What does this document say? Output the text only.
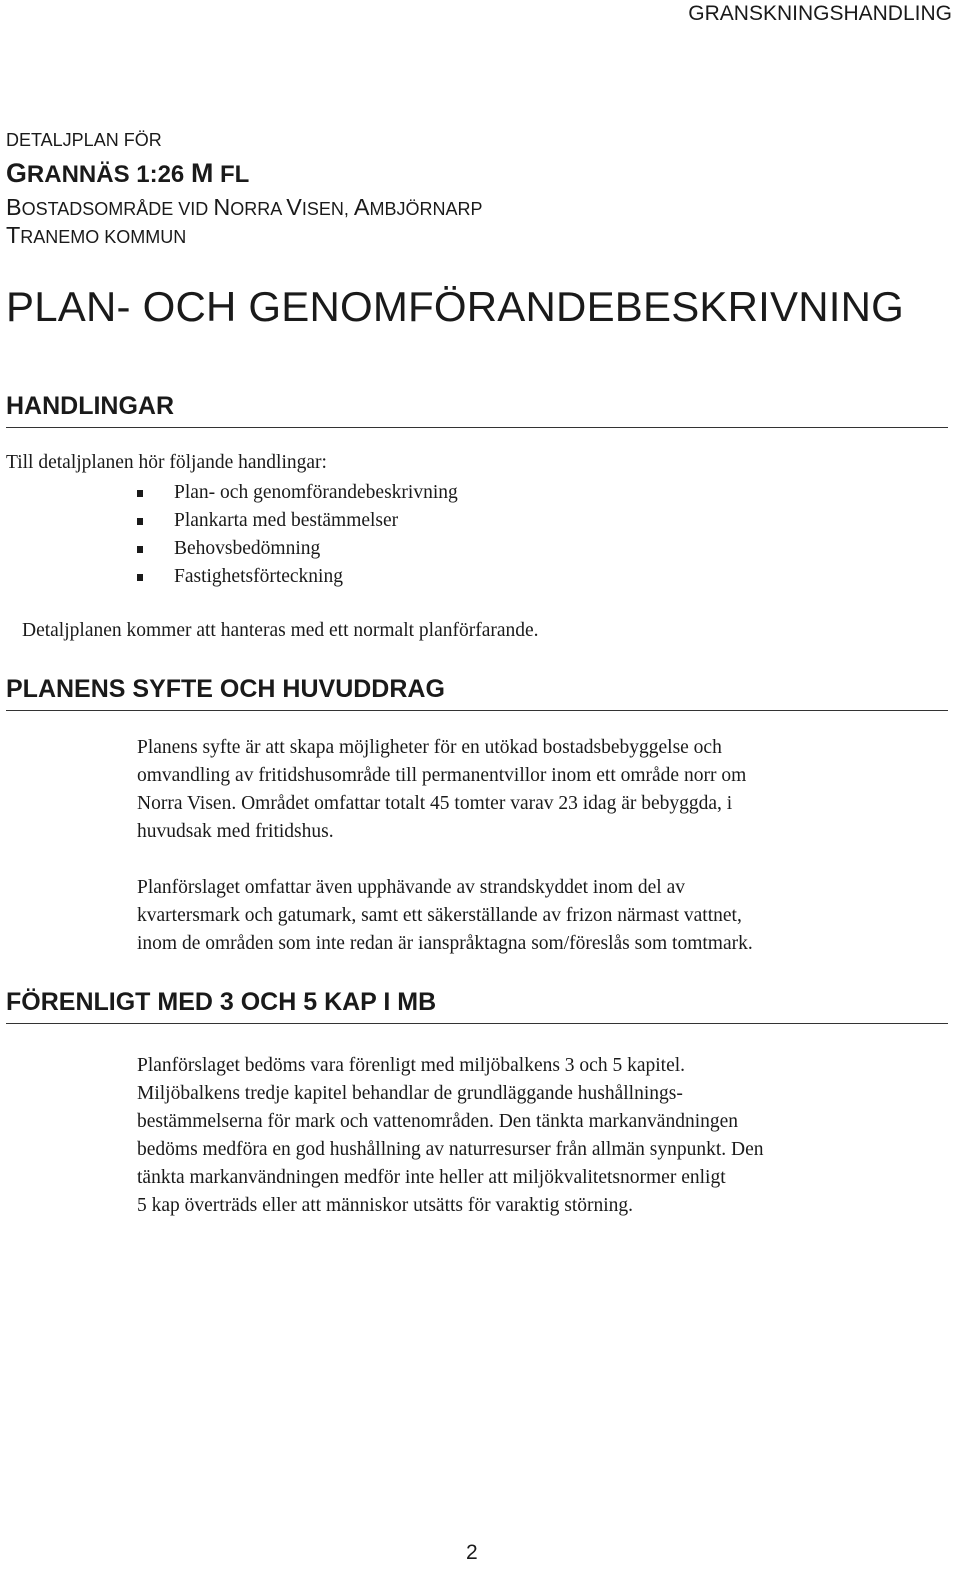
GRANSKNINGSHANDLING
DETALJPLAN FÖR
GRANNÄS 1:26 M FL
BOSTADSOMRÅDE VID NORRA VISEN, AMBJÖRNARP
TRANEMO KOMMUN
PLAN- OCH GENOMFÖRANDEBESKRIVNING
HANDLINGAR
Till detaljplanen hör följande handlingar:
Plan- och genomförandebeskrivning
Plankarta med bestämmelser
Behovsbedömning
Fastighetsförteckning
Detaljplanen kommer att hanteras med ett normalt planförfarande.
PLANENS SYFTE OCH HUVUDDRAG
Planens syfte är att skapa möjligheter för en utökad bostadsbebyggelse och
omvandling av fritidshusområde till permanentvillor inom ett område norr om
Norra Visen. Området omfattar totalt 45 tomter varav 23 idag är bebyggda, i
huvudsak med fritidshus.
Planförslaget omfattar även upphävande av strandskyddet inom del av
kvartersmark och gatumark, samt ett säkerställande av frizon närmast vattnet,
inom de områden som inte redan är ianspråktagna som/föreslås som tomtmark.
FÖRENLIGT MED 3 OCH 5 KAP I MB
Planförslaget bedöms vara förenligt med miljöbalkens 3 och 5 kapitel.
Miljöbalkens tredje kapitel behandlar de grundläggande hushållnings-
bestämmelserna för mark och vattenområden. Den tänkta markanvändningen
bedöms medföra en god hushållning av naturresurser från allmän synpunkt. Den
tänkta markanvändningen medför inte heller att miljökvalitetsnormer enligt
5 kap överträds eller att människor utsätts för varaktig störning.
2
